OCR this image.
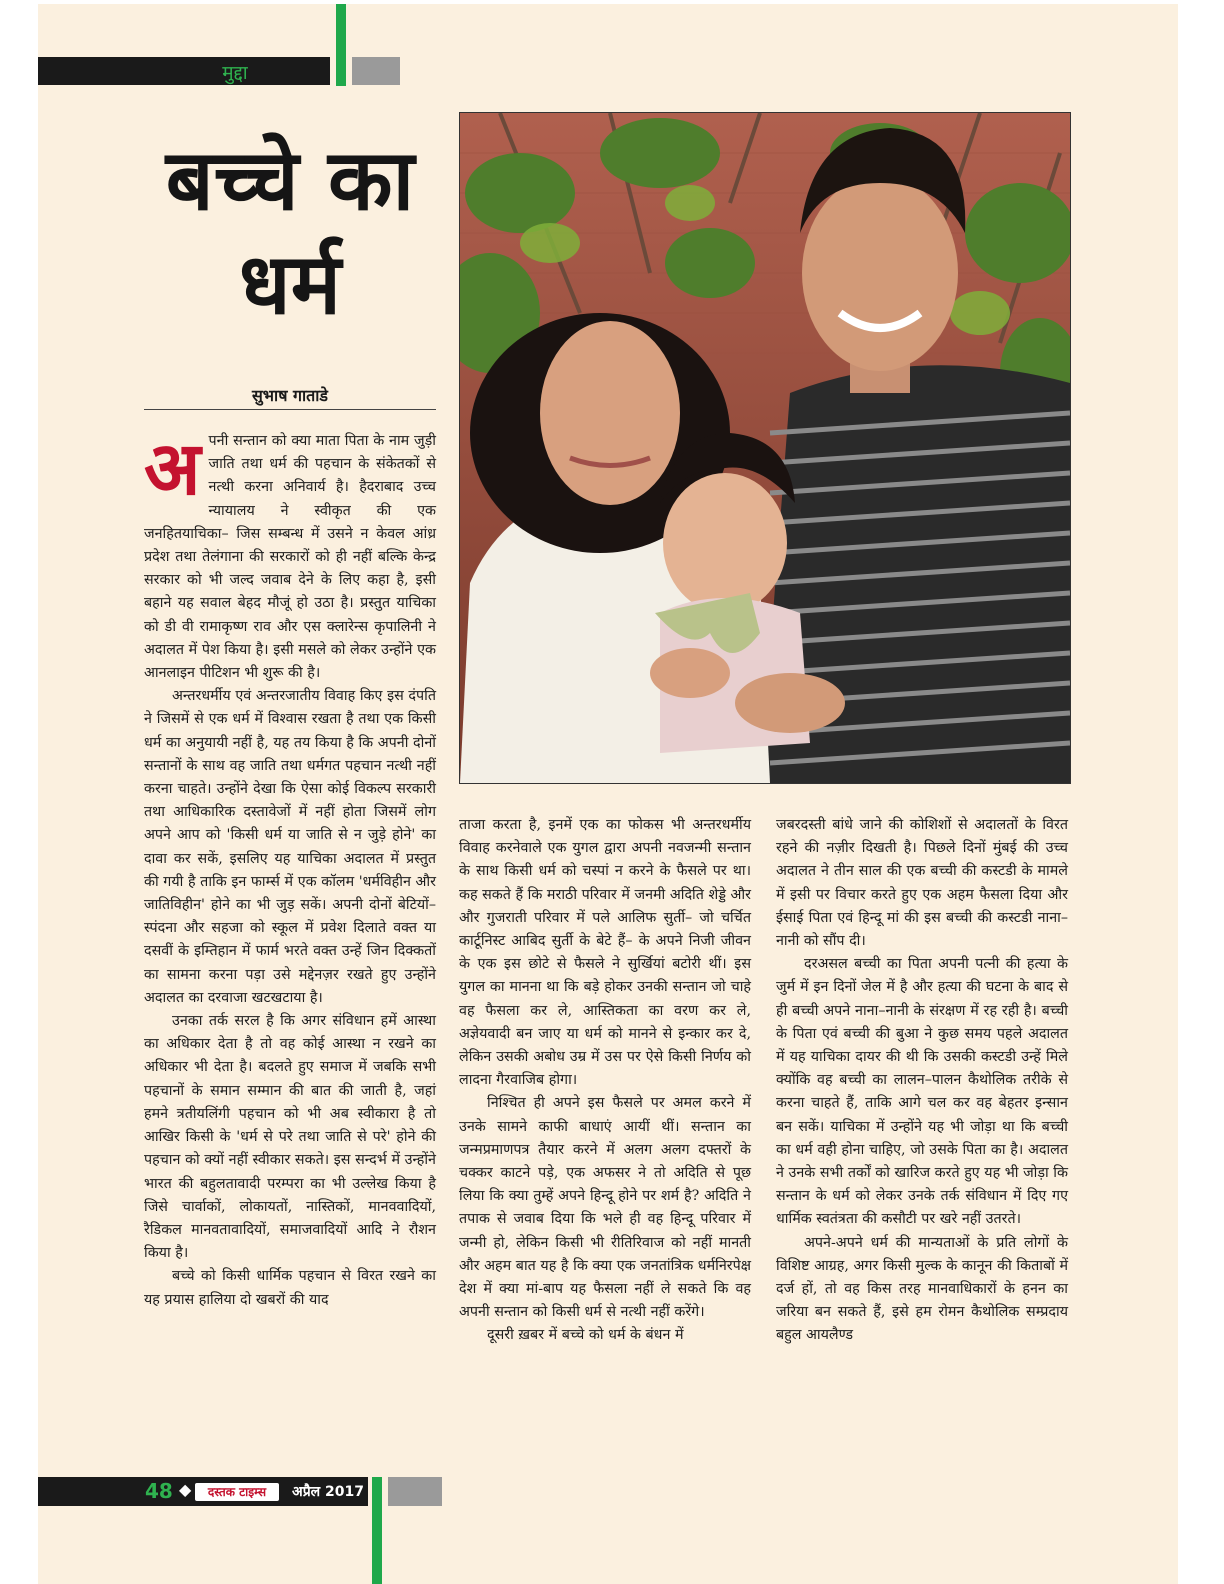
मुद्दा
बच्चे का
धर्म
सुभाष गाताडे

अपनी सन्तान को क्या माता पिता के नाम जुड़ी जाति तथा धर्म की पहचान के संकेतकों से नत्थी करना अनिवार्य है। हैदराबाद उच्च न्यायालय ने स्वीकृत की एक जनहितयाचिका– जिस सम्बन्ध में उसने न केवल आंध्र प्रदेश तथा तेलंगाना की सरकारों को ही नहीं बल्कि केन्द्र सरकार को भी जल्द जवाब देने के लिए कहा है, इसी बहाने यह सवाल बेहद मौजूं हो उठा है। प्रस्तुत याचिका को डी वी रामाकृष्ण राव और एस क्लारेन्स कृपालिनी ने अदालत में पेश किया है। इसी मसले को लेकर उन्होंने एक आनलाइन पीटिशन भी शुरू की है।

अन्तरधर्मीय एवं अन्तरजातीय विवाह किए इस दंपति ने जिसमें से एक धर्म में विश्वास रखता है तथा एक किसी धर्म का अनुयायी नहीं है, यह तय किया है कि अपनी दोनों सन्तानों के साथ वह जाति तथा धर्मगत पहचान नत्थी नहीं करना चाहते। उन्होंने देखा कि ऐसा कोई विकल्प सरकारी तथा आधिकारिक दस्तावेजों में नहीं होता जिसमें लोग अपने आप को 'किसी धर्म या जाति से न जुड़े होने' का दावा कर सकें, इसलिए यह याचिका अदालत में प्रस्तुत की गयी है ताकि इन फार्म्स में एक कॉलम 'धर्मविहीन और जातिविहीन' होने का भी जुड़ सकें। अपनी दोनों बेटियों– स्पंदना और सहजा को स्कूल में प्रवेश दिलाते वक्त या दसवीं के इम्तिहान में फार्म भरते वक्त उन्हें जिन दिक्कतों का सामना करना पड़ा उसे मद्देनज़र रखते हुए उन्होंने अदालत का दरवाजा खटखटाया है।

उनका तर्क सरल है कि अगर संविधान हमें आस्था का अधिकार देता है तो वह कोई आस्था न रखने का अधिकार भी देता है। बदलते हुए समाज में जबकि सभी पहचानों के समान सम्मान की बात की जाती है, जहां हमने त्रतीयलिंगी पहचान को भी अब स्वीकारा है तो आखिर किसी के 'धर्म से परे तथा जाति से परे' होने की पहचान को क्यों नहीं स्वीकार सकते। इस सन्दर्भ में उन्होंने भारत की बहुलतावादी परम्परा का भी उल्लेख किया है जिसे चार्वाकों, लोकायतों, नास्तिकों, मानववादियों, रैडिकल मानवतावादियों, समाजवादियों आदि ने रौशन किया है।

बच्चे को किसी धार्मिक पहचान से विरत रखने का यह प्रयास हालिया दो खबरों की याद

ताजा करता है, इनमें एक का फोकस भी अन्तरधर्मीय विवाह करनेवाले एक युगल द्वारा अपनी नवजन्मी सन्तान के साथ किसी धर्म को चस्पां न करने के फैसले पर था। कह सकते हैं कि मराठी परिवार में जनमी अदिति शेड्डे और और गुजराती परिवार में पले आलिफ सुर्ती– जो चर्चित कार्टूनिस्ट आबिद सुर्ती के बेटे हैं– के अपने निजी जीवन के एक इस छोटे से फैसले ने सुर्खियां बटोरी थीं। इस युगल का मानना था कि बड़े होकर उनकी सन्तान जो चाहे वह फैसला कर ले, आस्तिकता का वरण कर ले, अज्ञेयवादी बन जाए या धर्म को मानने से इन्कार कर दे, लेकिन उसकी अबोध उम्र में उस पर ऐसे किसी निर्णय को लादना गैरवाजिब होगा।

निश्चित ही अपने इस फैसले पर अमल करने में उनके सामने काफी बाधाएं आयीं थीं। सन्तान का जन्मप्रमाणपत्र तैयार करने में अलग अलग दफ्तरों के चक्कर काटने पड़े, एक अफसर ने तो अदिति से पूछ लिया कि क्या तुम्हें अपने हिन्दू होने पर शर्म है? अदिति ने तपाक से जवाब दिया कि भले ही वह हिन्दू परिवार में जन्मी हो, लेकिन किसी भी रीतिरिवाज को नहीं मानती और अहम बात यह है कि क्या एक जनतांत्रिक धर्मनिरपेक्ष देश में क्या मां-बाप यह फैसला नहीं ले सकते कि वह अपनी सन्तान को किसी धर्म से नत्थी नहीं करेंगे।

दूसरी ख़बर में बच्चे को धर्म के बंधन में

जबरदस्ती बांधे जाने की कोशिशों से अदालतों के विरत रहने की नज़ीर दिखती है। पिछले दिनों मुंबई की उच्च अदालत ने तीन साल की एक बच्ची की कस्टडी के मामले में इसी पर विचार करते हुए एक अहम फैसला दिया और ईसाई पिता एवं हिन्दू मां की इस बच्ची की कस्टडी नाना–नानी को सौंप दी।

दरअसल बच्ची का पिता अपनी पत्नी की हत्या के जुर्म में इन दिनों जेल में है और हत्या की घटना के बाद से ही बच्ची अपने नाना–नानी के संरक्षण में रह रही है। बच्ची के पिता एवं बच्ची की बुआ ने कुछ समय पहले अदालत में यह याचिका दायर की थी कि उसकी कस्टडी उन्हें मिले क्योंकि वह बच्ची का लालन–पालन कैथोलिक तरीके से करना चाहते हैं, ताकि आगे चल कर वह बेहतर इन्सान बन सकें। याचिका में उन्होंने यह भी जोड़ा था कि बच्ची का धर्म वही होना चाहिए, जो उसके पिता का है। अदालत ने उनके सभी तर्कों को खारिज करते हुए यह भी जोड़ा कि सन्तान के धर्म को लेकर उनके तर्क संविधान में दिए गए धार्मिक स्वतंत्रता की कसौटी पर खरे नहीं उतरते।

अपने-अपने धर्म की मान्यताओं के प्रति लोगों के विशिष्ट आग्रह, अगर किसी मुल्क के कानून की किताबों में दर्ज हों, तो वह किस तरह मानवाधिकारों के हनन का जरिया बन सकते हैं, इसे हम रोमन कैथोलिक सम्प्रदाय बहुल आयलैण्ड

48 ◆	दस्तक टाइम्स	अप्रैल 2017
